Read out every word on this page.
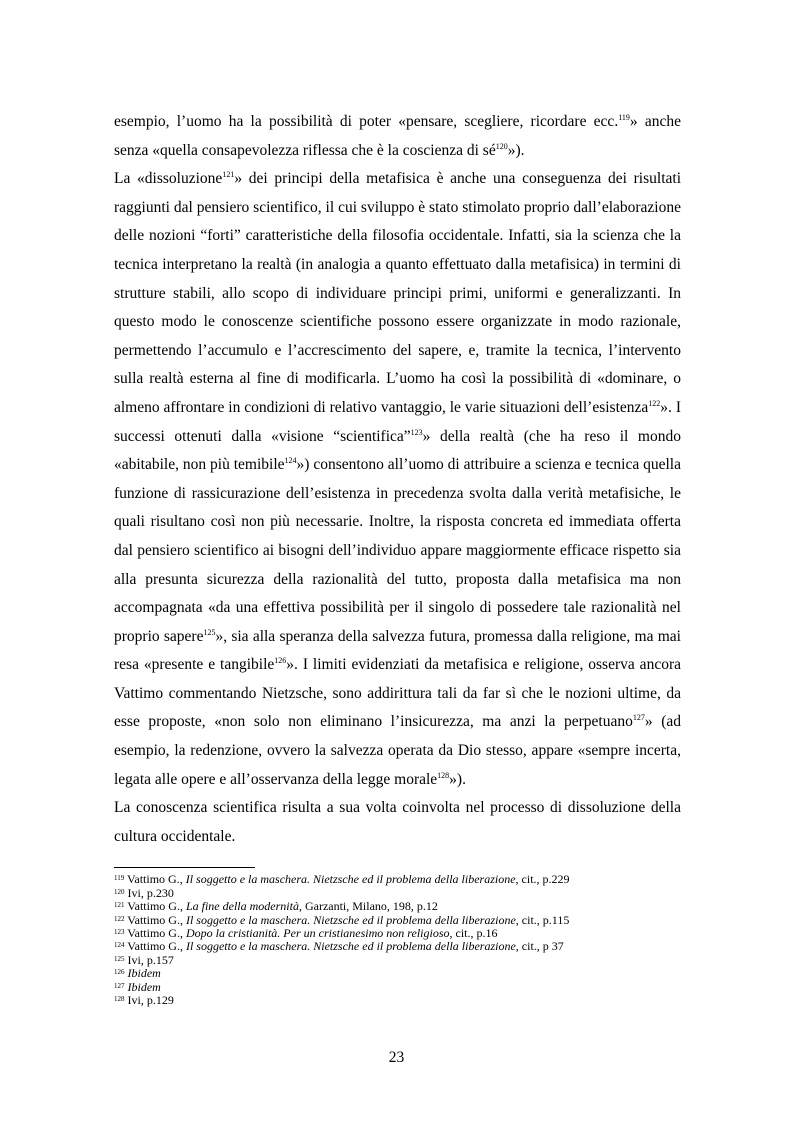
esempio, l’uomo ha la possibilità di poter «pensare, scegliere, ricordare ecc.$^{119}$» anche senza «quella consapevolezza riflessa che è la coscienza di $sé^{120}$»).

La «dissoluzione$^{121}$» dei principi della metafisica è anche una conseguenza dei risultati raggiunti dal pensiero scientifico, il cui sviluppo è stato stimolato proprio dall’elaborazione delle nozioni “forti” caratteristiche della filosofia occidentale. Infatti, sia la scienza che la tecnica interpretano la realtà (in analogia a quanto effettuato dalla metafisica) in termini di strutture stabili, allo scopo di individuare principi primi, uniformi e generalizzanti. In questo modo le conoscenze scientifiche possono essere organizzate in modo razionale, permettendo l’accumulo e l’accrescimento del sapere, e, tramite la tecnica, l’intervento sulla realtà esterna al fine di modificarla. L’uomo ha così la possibilità di «dominare, o almeno affrontare in condizioni di relativo vantaggio, le varie situazioni dell’esistenza$^{122}$». I successi ottenuti dalla «visione “scientifica”$^{123}$» della realtà (che ha reso il mondo «abitabile, non più temibile$^{124}$») consentono all’uomo di attribuire a scienza e tecnica quella funzione di rassicurazione dell’esistenza in precedenza svolta dalla verità metafisiche, le quali risultano così non più necessarie. Inoltre, la risposta concreta ed immediata offerta dal pensiero scientifico ai bisogni dell’individuo appare maggiormente efficace rispetto sia alla presunta sicurezza della razionalità del tutto, proposta dalla metafisica ma non accompagnata «da una effettiva possibilità per il singolo di possedere tale razionalità nel proprio sapere$^{125}$», sia alla speranza della salvezza futura, promessa dalla religione, ma mai resa «presente e tangibile$^{126}$». I limiti evidenziati da metafisica e religione, osserva ancora Vattimo commentando Nietzsche, sono addirittura tali da far sì che le nozioni ultime, da esse proposte, «non solo non eliminano l’insicurezza, ma anzi la perpetuano$^{127}$» (ad esempio, la redenzione, ovvero la salvezza operata da Dio stesso, appare «sempre incerta, legata alle opere e all’osservanza della legge morale$^{128}$»).

La conoscenza scientifica risulta a sua volta coinvolta nel processo di dissoluzione della cultura occidentale.

$^{119}$ Vattimo G., Il soggetto e la maschera. Nietzsche ed il problema della liberazione, cit., p.229
$^{120}$ Ivi, p.230
$^{121}$ Vattimo G., La fine della modernità, Garzanti, Milano, 198, p.12
$^{122}$ Vattimo G., Il soggetto e la maschera. Nietzsche ed il problema della liberazione, cit., p.115
$^{123}$ Vattimo G., Dopo la cristianità. Per un cristianesimo non religioso, cit., p.16
$^{124}$ Vattimo G., Il soggetto e la maschera. Nietzsche ed il problema della liberazione, cit., p 37
$^{125}$ Ivi, p.157
$^{126}$ Ibidem
$^{127}$ Ibidem
$^{128}$ Ivi, p.129
23
